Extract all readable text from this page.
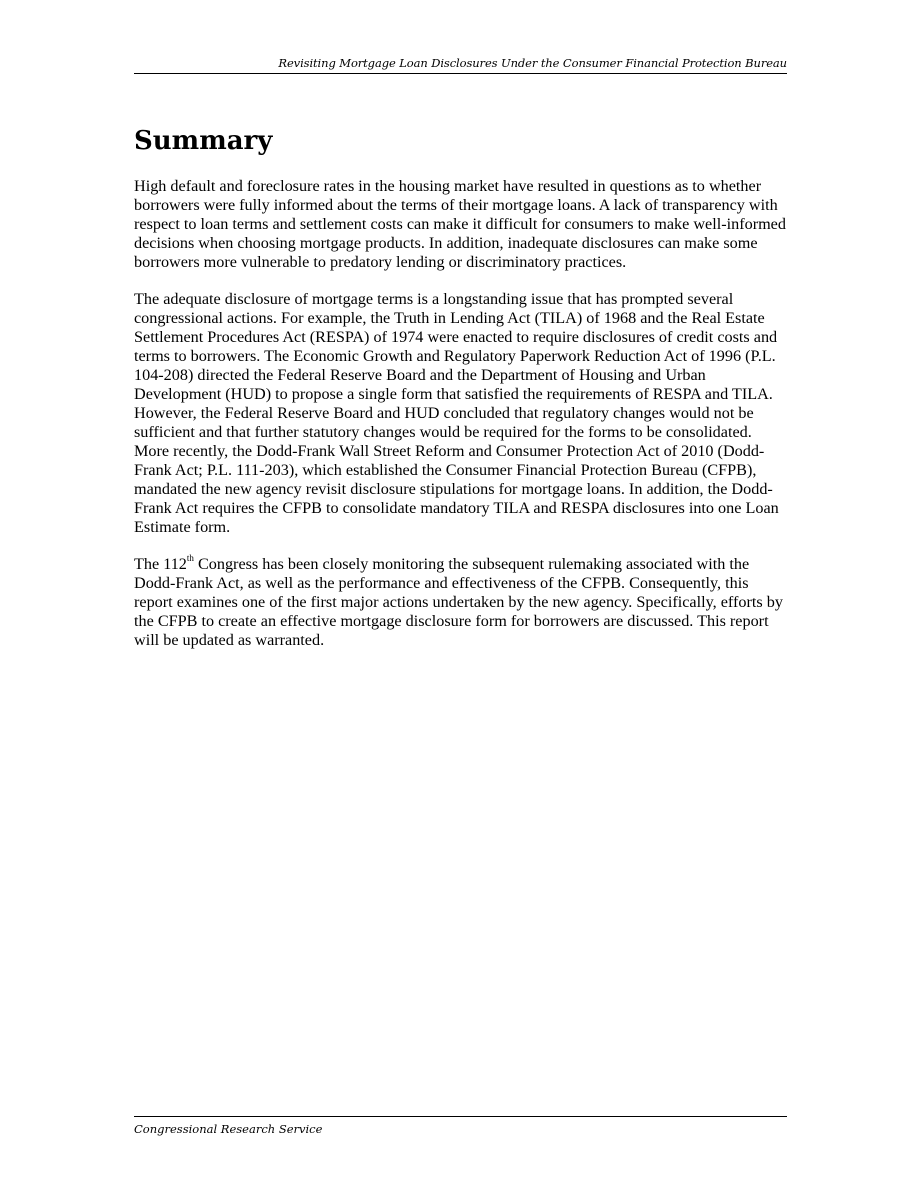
Revisiting Mortgage Loan Disclosures Under the Consumer Financial Protection Bureau
Summary

High default and foreclosure rates in the housing market have resulted in questions as to whether borrowers were fully informed about the terms of their mortgage loans. A lack of transparency with respect to loan terms and settlement costs can make it difficult for consumers to make well-informed decisions when choosing mortgage products. In addition, inadequate disclosures can make some borrowers more vulnerable to predatory lending or discriminatory practices.

The adequate disclosure of mortgage terms is a longstanding issue that has prompted several congressional actions. For example, the Truth in Lending Act (TILA) of 1968 and the Real Estate Settlement Procedures Act (RESPA) of 1974 were enacted to require disclosures of credit costs and terms to borrowers. The Economic Growth and Regulatory Paperwork Reduction Act of 1996 (P.L. 104-208) directed the Federal Reserve Board and the Department of Housing and Urban Development (HUD) to propose a single form that satisfied the requirements of RESPA and TILA. However, the Federal Reserve Board and HUD concluded that regulatory changes would not be sufficient and that further statutory changes would be required for the forms to be consolidated. More recently, the Dodd-Frank Wall Street Reform and Consumer Protection Act of 2010 (Dodd-Frank Act; P.L. 111-203), which established the Consumer Financial Protection Bureau (CFPB), mandated the new agency revisit disclosure stipulations for mortgage loans. In addition, the Dodd-Frank Act requires the CFPB to consolidate mandatory TILA and RESPA disclosures into one Loan Estimate form.

The 112th Congress has been closely monitoring the subsequent rulemaking associated with the Dodd-Frank Act, as well as the performance and effectiveness of the CFPB. Consequently, this report examines one of the first major actions undertaken by the new agency. Specifically, efforts by the CFPB to create an effective mortgage disclosure form for borrowers are discussed. This report will be updated as warranted.

Congressional Research Service
